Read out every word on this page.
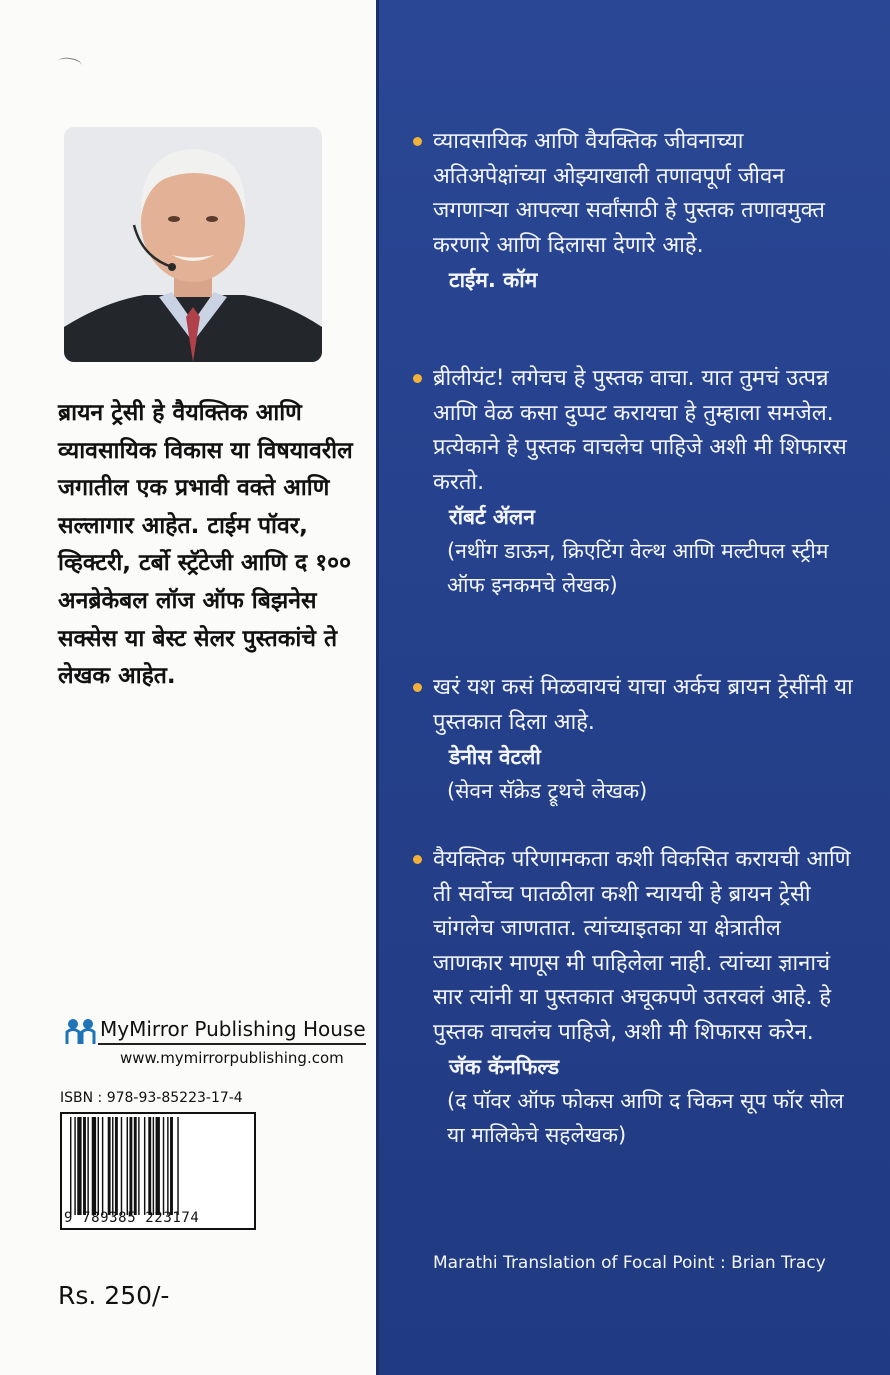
ब्रायन ट्रेसी हे वैयक्तिक आणि व्यावसायिक विकास या विषयावरील जगातील एक प्रभावी वक्ते आणि सल्लागार आहेत. टाईम पॉवर, व्हिक्टरी, टर्बो स्ट्रॅटेजी आणि द १०० अनब्रेकेबल लॉज ऑफ बिझनेस सक्सेस या बेस्ट सेलर पुस्तकांचे ते लेखक आहेत.
MyMirror Publishing House
www.mymirrorpublishing.com
ISBN : 978-93-85223-17-4
9 789385 223174
Rs. 250/-
व्यावसायिक आणि वैयक्तिक जीवनाच्या अतिअपेक्षांच्या ओझ्याखाली तणावपूर्ण जीवन जगणाऱ्या आपल्या सर्वांसाठी हे पुस्तक तणावमुक्त करणारे आणि दिलासा देणारे आहे.
टाईम. कॉम
ब्रीलीयंट! लगेचच हे पुस्तक वाचा. यात तुमचं उत्पन्न आणि वेळ कसा दुप्पट करायचा हे तुम्हाला समजेल. प्रत्येकाने हे पुस्तक वाचलेच पाहिजे अशी मी शिफारस करतो.
रॉबर्ट ॲलन
(नथींग डाऊन, क्रिएटिंग वेल्थ आणि मल्टीपल स्ट्रीम ऑफ इनकमचे लेखक)
खरं यश कसं मिळवायचं याचा अर्कच ब्रायन ट्रेसींनी या पुस्तकात दिला आहे.
डेनीस वेटली
(सेवन सॅक्रेड ट्रूथचे लेखक)
वैयक्तिक परिणामकता कशी विकसित करायची आणि ती सर्वोच्च पातळीला कशी न्यायची हे ब्रायन ट्रेसी चांगलेच जाणतात. त्यांच्याइतका या क्षेत्रातील जाणकार माणूस मी पाहिलेला नाही. त्यांच्या ज्ञानाचं सार त्यांनी या पुस्तकात अचूकपणे उतरवलं आहे. हे पुस्तक वाचलंच पाहिजे, अशी मी शिफारस करेन.
जॅक कॅनफिल्ड
(द पॉवर ऑफ फोकस आणि द चिकन सूप फॉर सोल या मालिकेचे सहलेखक)
Marathi Translation of Focal Point : Brian Tracy
